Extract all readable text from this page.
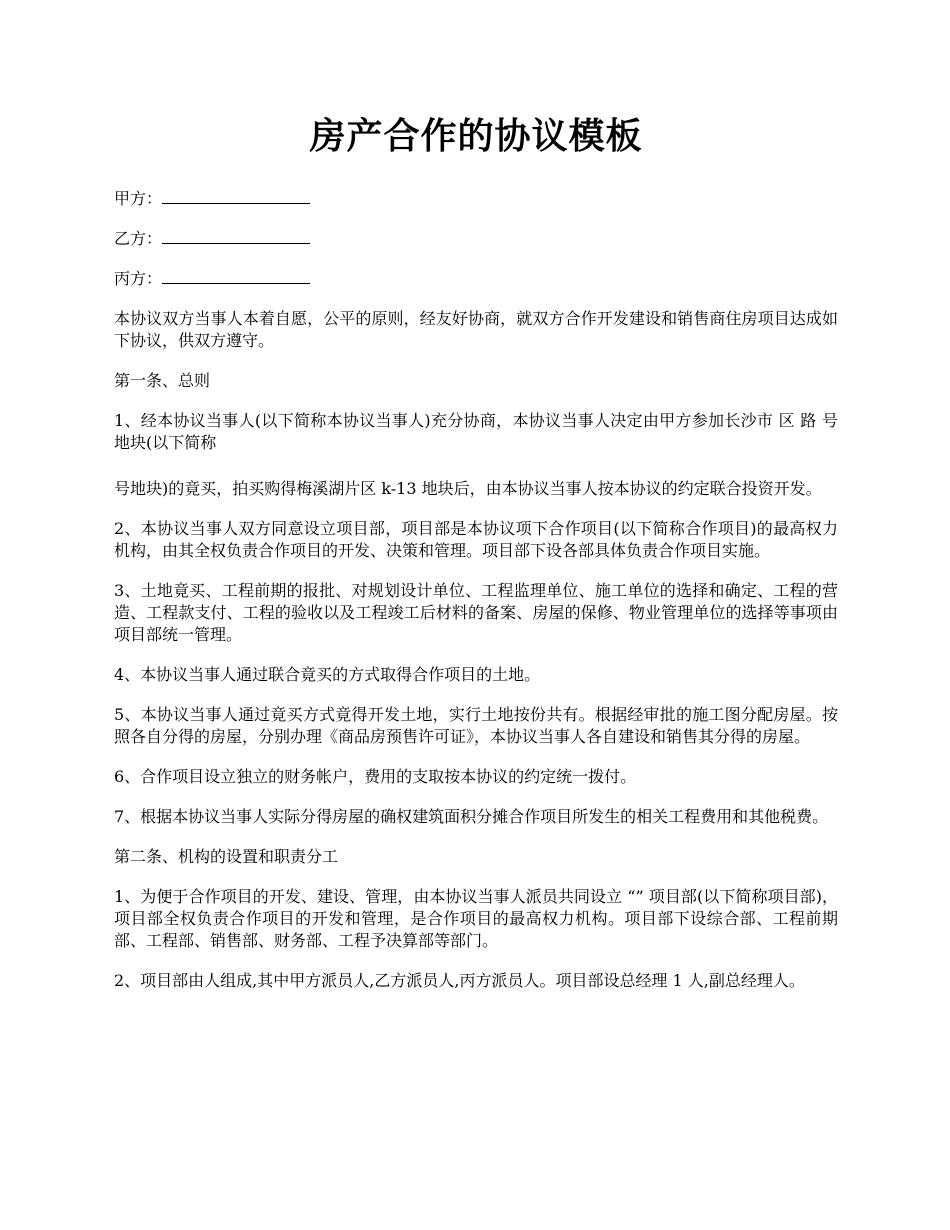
房产合作的协议模板
甲方：
乙方：
丙方：

本协议双方当事人本着自愿，公平的原则，经友好协商，就双方合作开发建设和销售商住房项目达成如下协议，供双方遵守。

第一条、总则

1、经本协议当事人(以下简称本协议当事人)充分协商，本协议当事人决定由甲方参加长沙市 区 路 号地块(以下简称

号地块)的竟买，拍买购得梅溪湖片区 k-13 地块后，由本协议当事人按本协议的约定联合投资开发。

2、本协议当事人双方同意设立项目部，项目部是本协议项下合作项目(以下简称合作项目)的最高权力机构，由其全权负责合作项目的开发、决策和管理。项目部下设各部具体负责合作项目实施。

3、土地竟买、工程前期的报批、对规划设计单位、工程监理单位、施工单位的选择和确定、工程的营造、工程款支付、工程的验收以及工程竣工后材料的备案、房屋的保修、物业管理单位的选择等事项由项目部统一管理。

4、本协议当事人通过联合竟买的方式取得合作项目的土地。

5、本协议当事人通过竟买方式竟得开发土地，实行土地按份共有。根据经审批的施工图分配房屋。按照各自分得的房屋，分别办理《商品房预售许可证》，本协议当事人各自建设和销售其分得的房屋。

6、合作项目设立独立的财务帐户，费用的支取按本协议的约定统一拨付。

7、根据本协议当事人实际分得房屋的确权建筑面积分摊合作项目所发生的相关工程费用和其他税费。

第二条、机构的设置和职责分工

1、为便于合作项目的开发、建设、管理，由本协议当事人派员共同设立 “” 项目部(以下简称项目部)，项目部全权负责合作项目的开发和管理，是合作项目的最高权力机构。项目部下设综合部、工程前期部、工程部、销售部、财务部、工程予决算部等部门。

2、项目部由人组成,其中甲方派员人,乙方派员人,丙方派员人。项目部设总经理 1 人,副总经理人。
